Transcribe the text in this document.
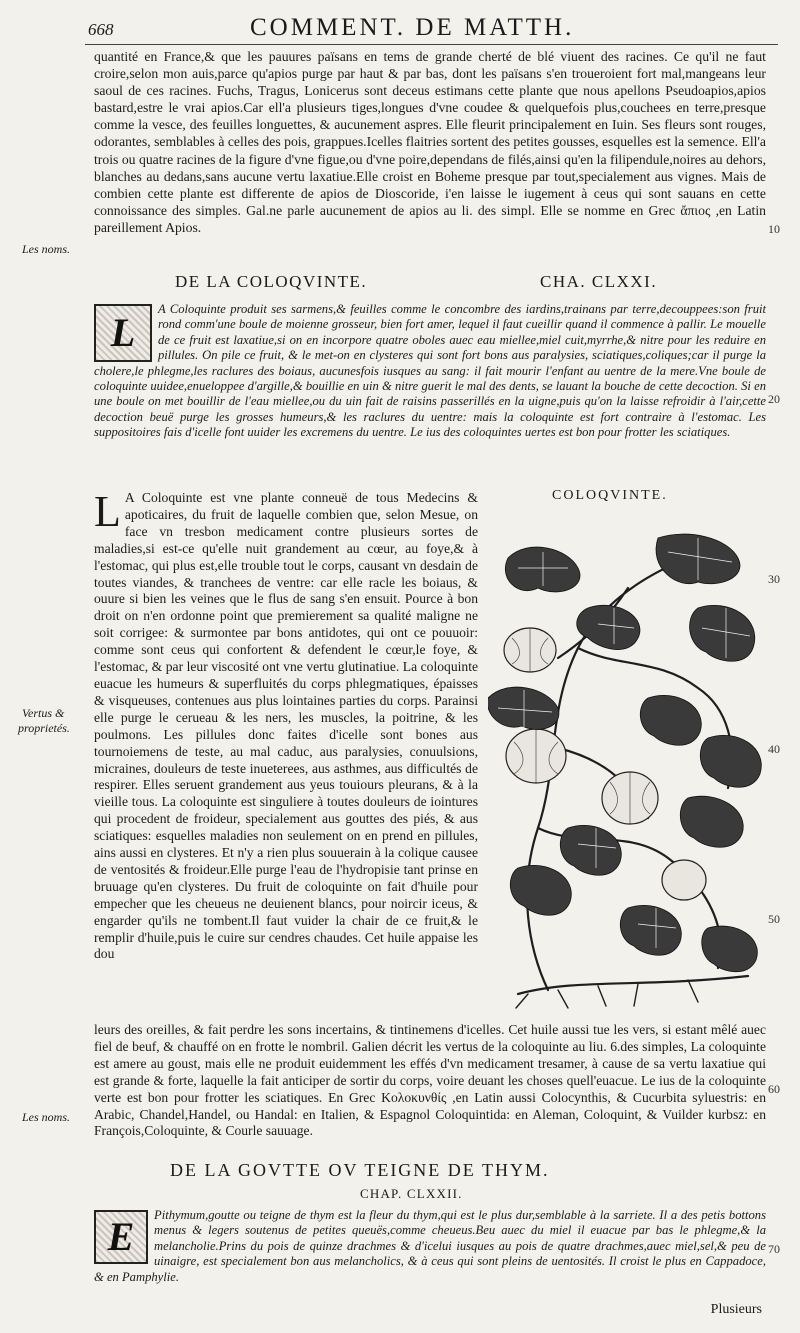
668	COMMENT. DE MATTH.
Les noms.
Vertus &
proprietés.
Les noms.
10
20
30
40
50
60
70
quantité en France,& que les pauures païsans en tems de grande cherté de blé viuent des racines. Ce qu'il ne faut croire,selon mon auis,parce qu'apios purge par haut & par bas, dont les païsans s'en troueroient fort mal,mangeans leur saoul de ces racines. Fuchs, Tragus, Lonicerus sont deceus estimans cette plante que nous apellons Pseudoapios,apios bastard,estre le vrai apios.Car ell'a plusieurs tiges,longues d'vne coudee & quelquefois plus,couchees en terre,presque comme la vesce, des feuilles longuettes, & aucunement aspres. Elle fleurit principalement en Iuin. Ses fleurs sont rouges, odorantes, semblables à celles des pois, grappues.Icelles flaitries sortent des petites gousses, esquelles est la semence. Ell'a trois ou quatre racines de la figure d'vne figue,ou d'vne poire,dependans de filés,ainsi qu'en la filipendule,noires au dehors, blanches au dedans,sans aucune vertu laxatiue.Elle croist en Boheme presque par tout,specialement aus vignes. Mais de combien cette plante est differente de apios de Dioscoride, i'en laisse le iugement à ceus qui sont sauans en cette connoissance des simples. Gal.ne parle aucunement de apios au li. des simpl. Elle se nomme en Grec ἄπιος ,en Latin pareillement Apios.
DE LA COLOQVINTE.	CHA. CLXXI.
L
A Coloquinte produit ses sarmens,& feuilles comme le concombre des iardins,trainans par terre,decouppees:son fruit rond comm'une boule de moienne grosseur, bien fort amer, lequel il faut cueillir quand il commence à pallir. Le mouelle de ce fruit est laxatiue,si on en incorpore quatre oboles auec eau miellee,miel cuit,myrrhe,& nitre pour les reduire en pillules. On pile ce fruit, & le met-on en clysteres qui sont fort bons aus paralysies, sciatiques,coliques;car il purge la cholere,le phlegme,les raclures des boiaus, aucunesfois iusques au sang: il fait mourir l'enfant au uentre de la mere.Vne boule de coloquinte uuidee,enueloppee d'argille,& bouillie en uin & nitre guerit le mal des dents, se lauant la bouche de cette decoction. Si en une boule on met bouillir de l'eau miellee,ou du uin fait de raisins passerillés en la uigne,puis qu'on la laisse refroidir à l'air,cette decoction beuë purge les grosses humeurs,& les raclures du uentre: mais la coloquinte est fort contraire à l'estomac. Les suppositoires fais d'icelle font uuider les excremens du uentre. Le ius des coloquintes uertes est bon pour frotter les sciatiques.
COLOQVINTE.
L A Coloquinte est vne plante conneuë de tous Medecins & apoticaires, du fruit de laquelle combien que, selon Mesue, on face vn tresbon medicament contre plusieurs sortes de maladies,si est-ce qu'elle nuit grandement au cœur, au foye,& à l'estomac, qui plus est,elle trouble tout le corps, causant vn desdain de toutes viandes, & tranchees de ventre: car elle racle les boiaus, & ouure si bien les veines que le flus de sang s'en ensuit. Pource à bon droit on n'en ordonne point que premierement sa qualité maligne ne soit corrigee: & surmontee par bons antidotes, qui ont ce pouuoir: comme sont ceus qui confortent & defendent le cœur,le foye, & l'estomac, & par leur viscosité ont vne vertu glutinatiue. La coloquinte euacue les humeurs & superfluités du corps phlegmatiques, épaisses & visqueuses, contenues aus plus lointaines parties du corps. Parainsi elle purge le cerueau & les ners, les muscles, la poitrine, & les poulmons. Les pillules donc faites d'icelle sont bones aus tournoiemens de teste, au mal caduc, aus paralysies, conuulsions, micraines, douleurs de teste inueterees, aus asthmes, aus difficultés de respirer. Elles seruent grandement aus yeus touiours pleurans, & à la vieille tous. La coloquinte est singuliere à toutes douleurs de iointures qui procedent de froideur, specialement aus gouttes des piés, & aus sciatiques: esquelles maladies non seulement on en prend en pillules, ains aussi en clysteres. Et n'y a rien plus souuerain à la colique causee de ventosités & froideur.Elle purge l'eau de l'hydropisie tant prinse en bruuage qu'en clysteres. Du fruit de coloquinte on fait d'huile pour empecher que les cheueus ne deuienent blancs, pour noircir iceus, & engarder qu'ils ne tombent.Il faut vuider la chair de ce fruit,& le remplir d'huile,puis le cuire sur cendres chaudes. Cet huile appaise les dou
leurs des oreilles, & fait perdre les sons incertains, & tintinemens d'icelles. Cet huile aussi tue les vers, si estant mêlé auec fiel de beuf, & chauffé on en frotte le nombril. Galien décrit les vertus de la coloquinte au liu. 6.des simples, La coloquinte est amere au goust, mais elle ne produit euidemment les effés d'vn medicament tresamer, à cause de sa vertu laxatiue qui est grande & forte, laquelle la fait anticiper de sortir du corps, voire deuant les choses quell'euacue. Le ius de la coloquinte verte est bon pour frotter les sciatiques. En Grec Κολοκυνθίς ,en Latin aussi Colocynthis, & Cucurbita syluestris: en Arabic, Chandel,Handel, ou Handal: en Italien, & Espagnol Coloquintida: en Aleman, Coloquint, & Vuilder kurbsz: en François,Coloquinte, & Courle sauuage.
DE LA GOVTTE OV TEIGNE DE THYM.
CHAP. CLXXII.
E	Pithymum,goutte ou teigne de thym est la fleur du thym,qui est le plus dur,semblable à la sarriete. Il a des petis bottons menus & legers soutenus de petites queuës,comme cheueus.Beu auec du miel il euacue par bas le phlegme,& la melancholie.Prins du pois de quinze drachmes & d'icelui iusques au pois de quatre drachmes,auec miel,sel,& peu de uinaigre, est specialement bon aus melancholics, & à ceus qui sont pleins de uentosités. Il croist le plus en Cappadoce, & en Pamphylie.
Plusieurs
